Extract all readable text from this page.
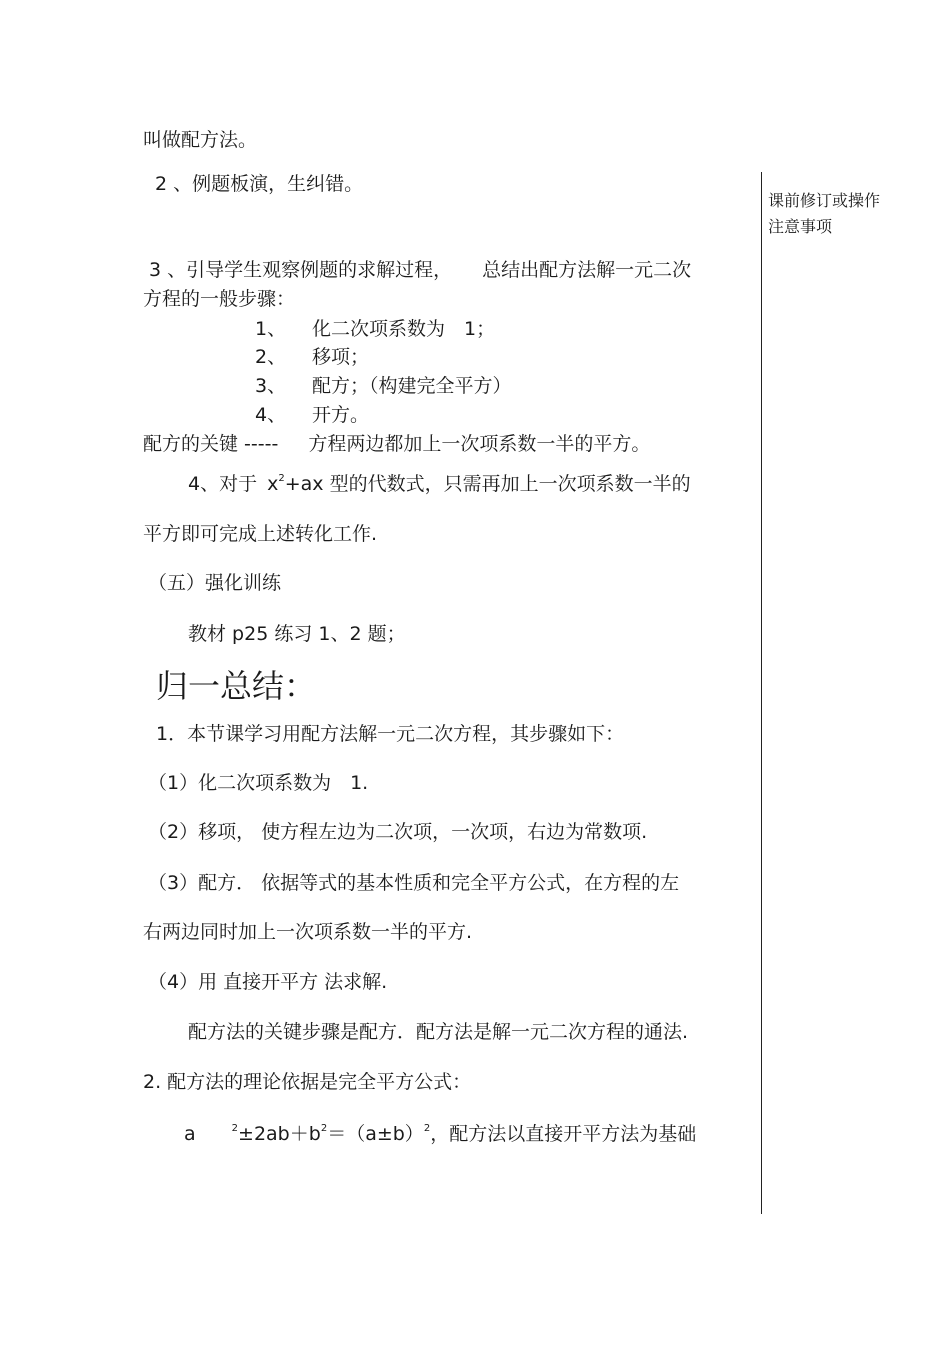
叫做配方法。
2 、例题板演，生纠错。
3 、引导学生观察例题的求解过程， 总结出配方法解一元二次
方程的一般步骤：
1、 化二次项系数为　1；
2、 移项；
3、 配方；（构建完全平方）
4、 开方。
配方的关键 ----- 方程两边都加上一次项系数一半的平方。
4、对于 $x^2+ax$ 型的代数式，只需再加上一次项系数一半的
平方即可完成上述转化工作.
（五）强化训练
教材 p25 练习 1、2 题；
归一总结：
1．本节课学习用配方法解一元二次方程，其步骤如下：
（1）化二次项系数为　1.
（2）移项， 使方程左边为二次项，一次项，右边为常数项.
（3）配方． 依据等式的基本性质和完全平方公式，在方程的左
右两边同时加上一次项系数一半的平方.
（4）用 直接开平方 法求解.
配方法的关键步骤是配方．配方法是解一元二次方程的通法.
2. 配方法的理论依据是完全平方公式：
a	$^2\pm 2ab+b^2=(a\pm b)^2$，配方法以直接开平方法为基础
课前修订或操作
注意事项
